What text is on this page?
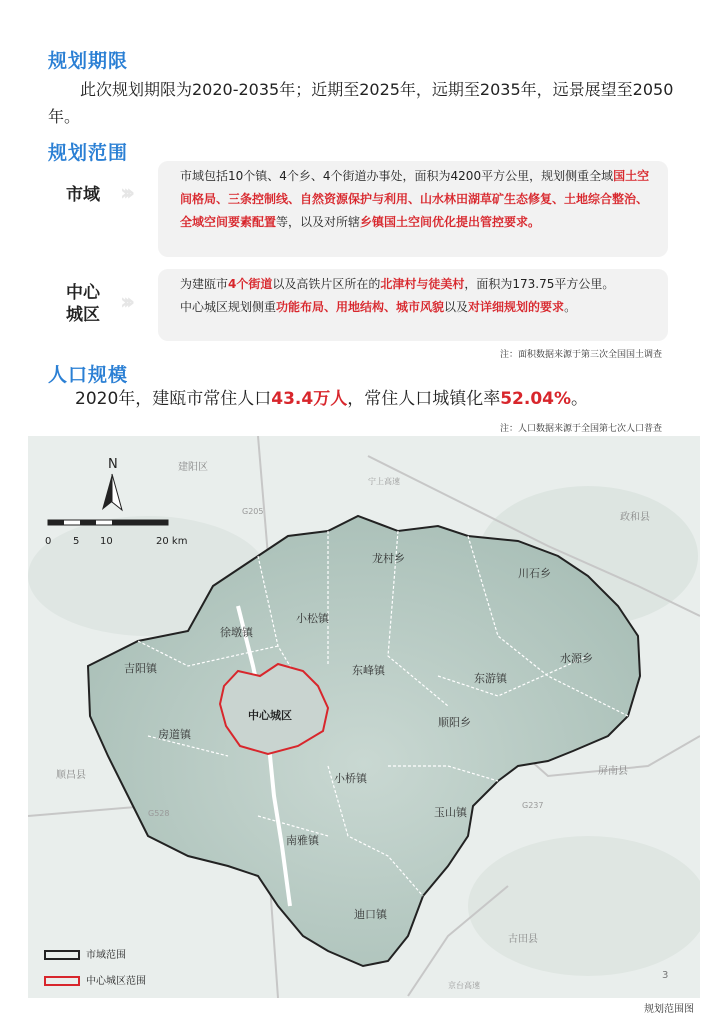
规划期限
此次规划期限为2020-2035年；近期至2025年，远期至2035年，远景展望至2050年。
规划范围
市域 ›››
市域包括10个镇、4个乡、4个街道办事处，面积为4200平方公里，规划侧重全域国土空间格局、三条控制线、自然资源保护与利用、山水林田湖草矿生态修复、土地综合整治、全域空间要素配置等，以及对所辖乡镇国土空间优化提出管控要求。
中心
城区 ›››
为建瓯市4个街道以及高铁片区所在的北津村与徒美村，面积为173.75平方公里。
中心城区规划侧重功能布局、用地结构、城市风貌以及对详细规划的要求。
注：面积数据来源于第三次全国国土调查
人口规模
2020年，建瓯市常住人口43.4万人，常住人口城镇化率52.04%。
注：人口数据来源于全国第七次人口普查
N
0 5 10	20 km
建阳区
政和县
顺昌县	屏南县
古田县
宁上高速
G205
G528
G237
京台高速
龙村乡
川石乡
小松镇
徐墩镇
吉阳镇	东峰镇
水源乡
东游镇
中心城区
房道镇
顺阳乡
小桥镇
玉山镇
南雅镇
迪口镇
3
市域范围
中心城区范围
规划范围图
